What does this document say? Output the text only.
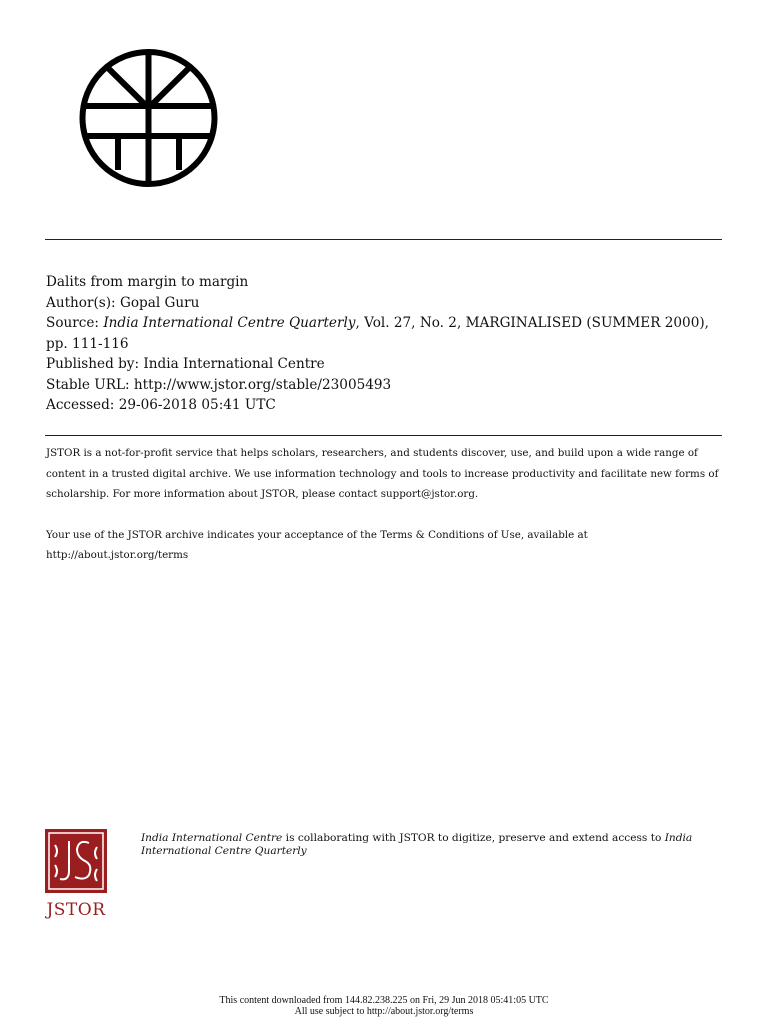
Dalits from margin to margin
Author(s): Gopal Guru
Source: India International Centre Quarterly, Vol. 27, No. 2, MARGINALISED (SUMMER 2000), pp. 111-116
Published by: India International Centre
Stable URL: http://www.jstor.org/stable/23005493
Accessed: 29-06-2018 05:41 UTC

JSTOR is a not-for-profit service that helps scholars, researchers, and students discover, use, and build upon a wide range of content in a trusted digital archive. We use information technology and tools to increase productivity and facilitate new forms of scholarship. For more information about JSTOR, please contact support@jstor.org.

Your use of the JSTOR archive indicates your acceptance of the Terms & Conditions of Use, available at http://about.jstor.org/terms

JSTOR
India International Centre is collaborating with JSTOR to digitize, preserve and extend access to India International Centre Quarterly
This content downloaded from 144.82.238.225 on Fri, 29 Jun 2018 05:41:05 UTC
All use subject to http://about.jstor.org/terms
